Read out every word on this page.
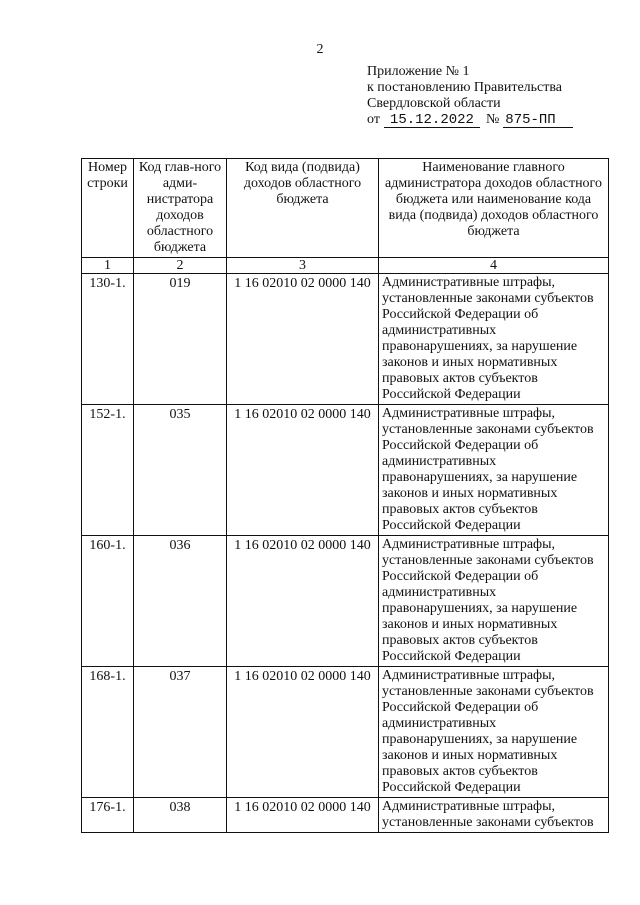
2
Приложение № 1
к постановлению Правительства
Свердловской области
от 15.12.2022 № 875-ПП
Номер строки	Код глав-ного адми-нистратора доходов областного бюджета	Код вида (подвида) доходов областного бюджета	Наименование главного администратора доходов областного бюджета или наименование кода вида (подвида) доходов областного бюджета
1	2	3	4
130-1.	019	1 16 02010 02 0000 140	Административные штрафы, установленные законами субъектов Российской Федерации об административных правонарушениях, за нарушение законов и иных нормативных правовых актов субъектов Российской Федерации
152-1.	035	1 16 02010 02 0000 140	Административные штрафы, установленные законами субъектов Российской Федерации об административных правонарушениях, за нарушение законов и иных нормативных правовых актов субъектов Российской Федерации
160-1.	036	1 16 02010 02 0000 140	Административные штрафы, установленные законами субъектов Российской Федерации об административных правонарушениях, за нарушение законов и иных нормативных правовых актов субъектов Российской Федерации
168-1.	037	1 16 02010 02 0000 140	Административные штрафы, установленные законами субъектов Российской Федерации об административных правонарушениях, за нарушение законов и иных нормативных правовых актов субъектов Российской Федерации
176-1.	038	1 16 02010 02 0000 140	Административные штрафы, установленные законами субъектов
